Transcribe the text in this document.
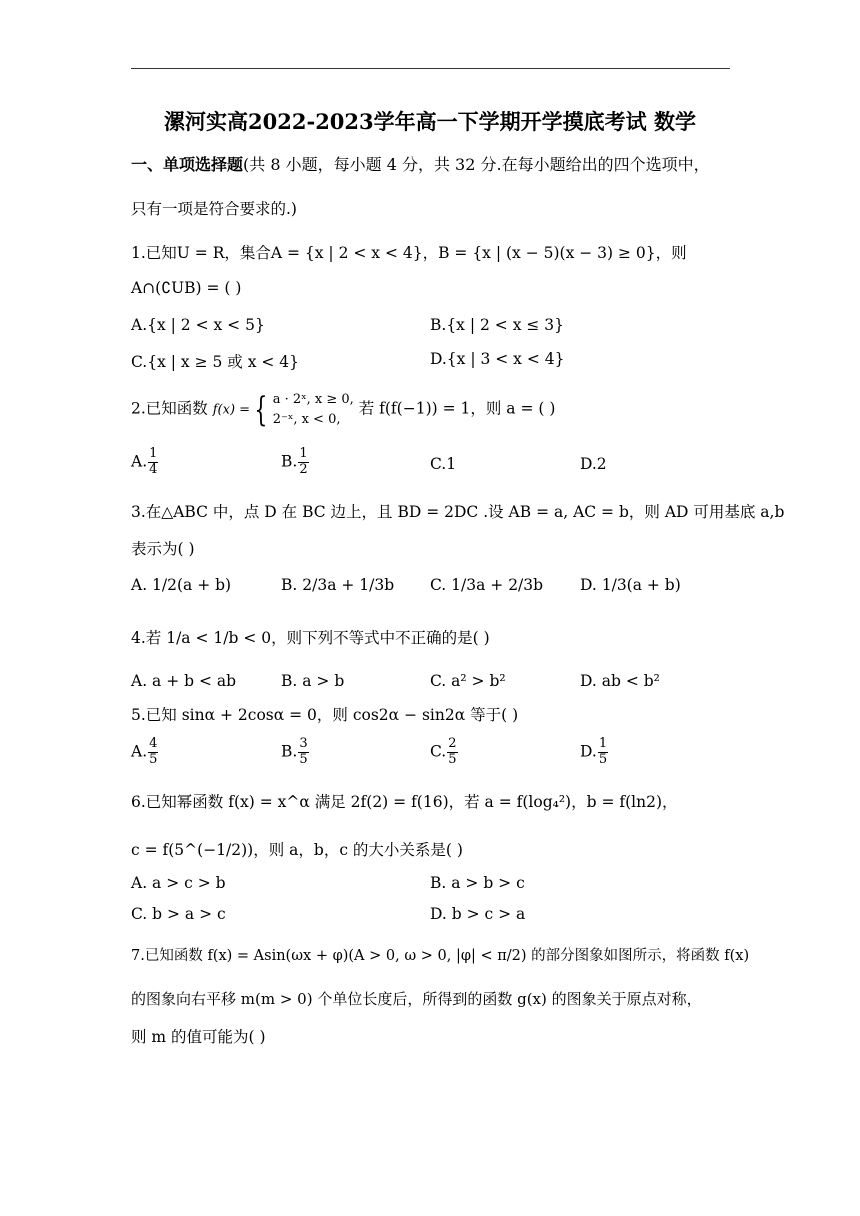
漯河实高2022-2023学年高一下学期开学摸底考试 数学
一、单项选择题(共 8 小题，每小题 4 分，共 32 分.在每小题给出的四个选项中，
只有一项是符合要求的.)
1.已知U = R，集合A = {x | 2 < x < 4}，B = {x | (x − 5)(x − 3) ≥ 0}，则
A∩(∁UB) = ( )
A.{x | 2 < x < 5}	B.{x | 2 < x ≤ 3}
C.{x | x ≥ 5 或 x < 4}	D.{x | 3 < x < 4}
2.已知函数 f(x) = { a · 2ˣ, x ≥ 0,
2⁻ˣ, x < 0,
若 f(f(−1)) = 1，则 a = ( )
A. $\frac{1}{4}$	B. $\frac{1}{2}$	C.1	D.2
3.在△ABC 中，点 D 在 BC 边上，且 BD = 2DC .设 AB = a, AC = b，则 AD 可用基底 a,b
表示为( )
A. 1/2(a + b)	B. 2/3a + 1/3b C. 1/3a + 2/3b D. 1/3(a + b)
4.若 1/a < 1/b < 0，则下列不等式中不正确的是( )
A. a + b < ab	B. a > b	C. a² > b²	D. ab < b²
5.已知 sinα + 2cosα = 0，则 cos2α − sin2α 等于( )
A. $\frac{4}{5}$	B. $\frac{3}{5}$	C. $\frac{2}{5}$	D. $\frac{1}{5}$
6.已知幂函数 f(x) = x^α 满足 2f(2) = f(16)，若 a = f(log₄²)，b = f(ln2)，
c = f(5^(−1/2))，则 a，b，c 的大小关系是( )
A. a > c > b	B. a > b > c
C. b > a > c	D. b > c > a
7.已知函数 f(x) = Asin(ωx + φ)(A > 0, ω > 0, |φ| < π/2) 的部分图象如图所示，将函数 f(x)
的图象向右平移 m(m > 0) 个单位长度后，所得到的函数 g(x) 的图象关于原点对称，
则 m 的值可能为( )
